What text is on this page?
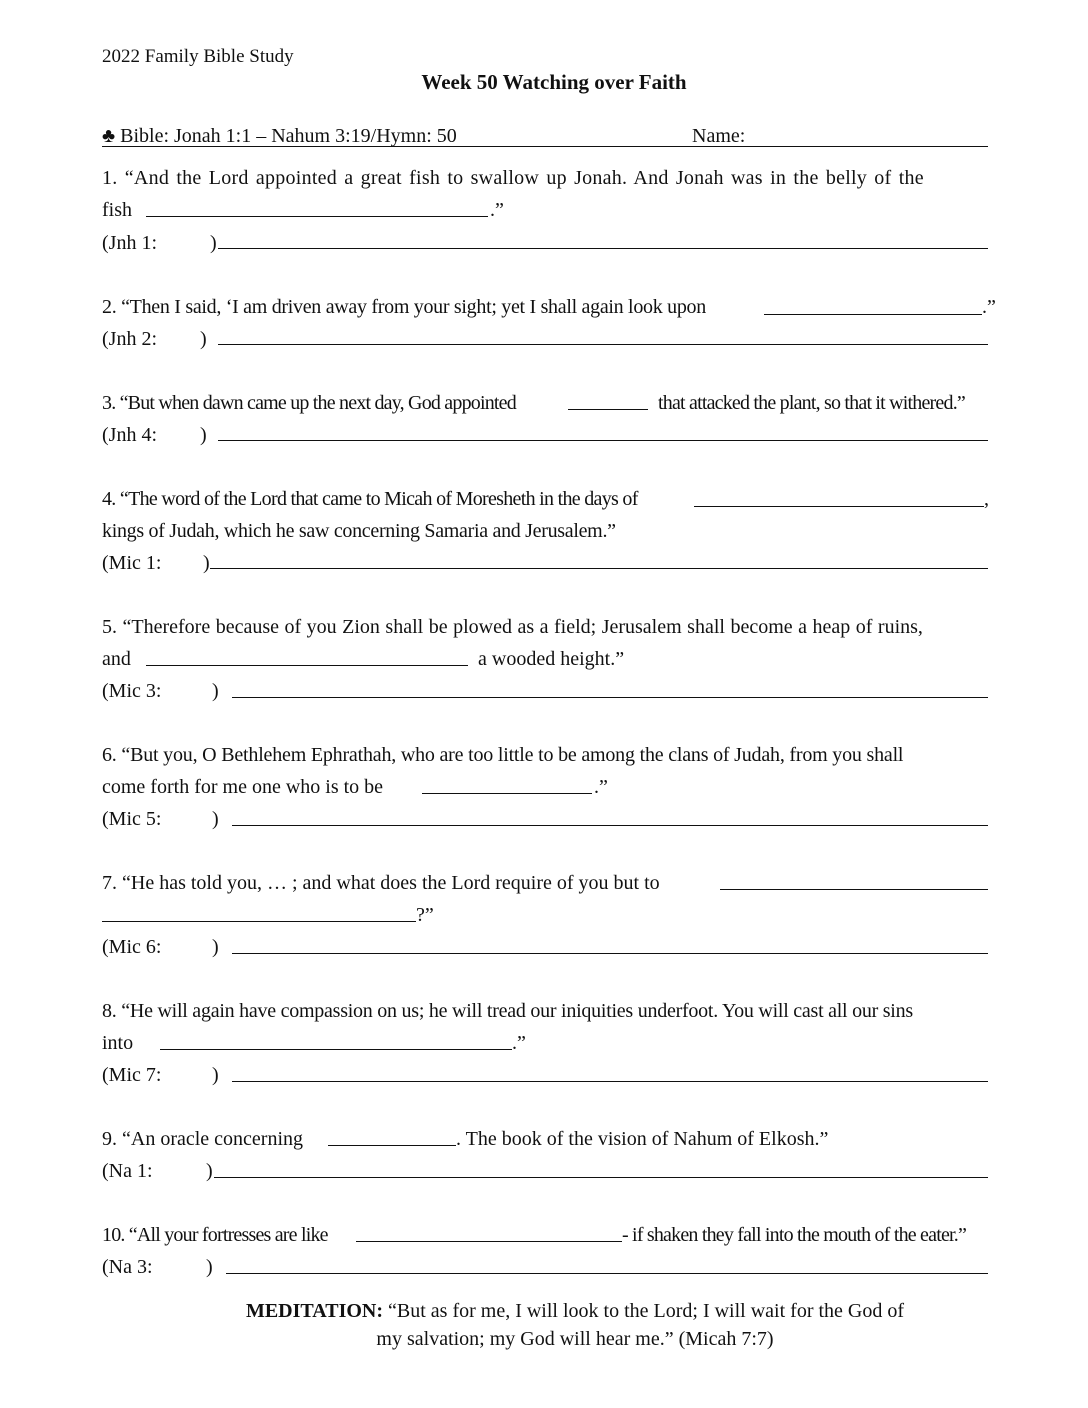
2022 Family Bible Study
Week 50 Watching over Faith
♣ Bible: Jonah 1:1 – Nahum 3:19/Hymn: 50	Name:
1. “And the Lord appointed a great fish to swallow up Jonah. And Jonah was in the belly of the
fish	.”
(Jnh 1:	)
2. “Then I said, ‘I am driven away from your sight; yet I shall again look upon	.”
(Jnh 2: )
3. “But when dawn came up the next day, God appointed	that attacked the plant, so that it withered.”
(Jnh 4: )
4. “The word of the Lord that came to Micah of Moresheth in the days of	,
kings of Judah, which he saw concerning Samaria and Jerusalem.”
(Mic 1: )
5. “Therefore because of you Zion shall be plowed as a field; Jerusalem shall become a heap of ruins,
and	a wooded height.”
(Mic 3:	)
6. “But you, O Bethlehem Ephrathah, who are too little to be among the clans of Judah, from you shall
come forth for me one who is to be	.”
(Mic 5:	)
7. “He has told you, … ; and what does the Lord require of you but to
?”
(Mic 6:	)
8. “He will again have compassion on us; he will tread our iniquities underfoot. You will cast all our sins
into	.”
(Mic 7:	)
9. “An oracle concerning	. The book of the vision of Nahum of Elkosh.”
(Na 1:	)
10. “All your fortresses are like	- if shaken they fall into the mouth of the eater.”
(Na 3:	)
MEDITATION: “But as for me, I will look to the Lord; I will wait for the God of
my salvation; my God will hear me.” (Micah 7:7)
